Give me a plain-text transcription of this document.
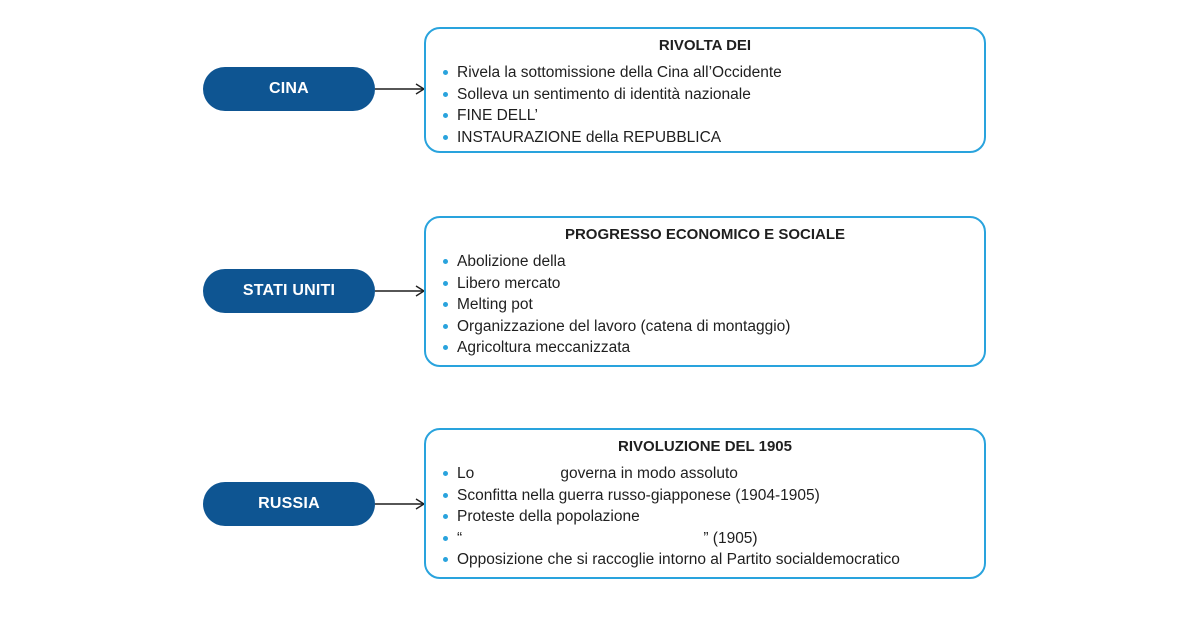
CINA
RIVOLTA DEI
Rivela la sottomissione della Cina all’Occidente
Solleva un sentimento di identità nazionale
FINE DELL’
INSTAURAZIONE della REPUBBLICA
STATI UNITI
PROGRESSO ECONOMICO E SOCIALE
Abolizione della
Libero mercato
Melting pot
Organizzazione del lavoro (catena di montaggio)
Agricoltura meccanizzata
RUSSIA
RIVOLUZIONE DEL 1905
Lo                    governa in modo assoluto
Sconfitta nella guerra russo-giapponese (1904-1905)
Proteste della popolazione
“                                                        ” (1905)
Opposizione che si raccoglie intorno al Partito socialdemocratico
